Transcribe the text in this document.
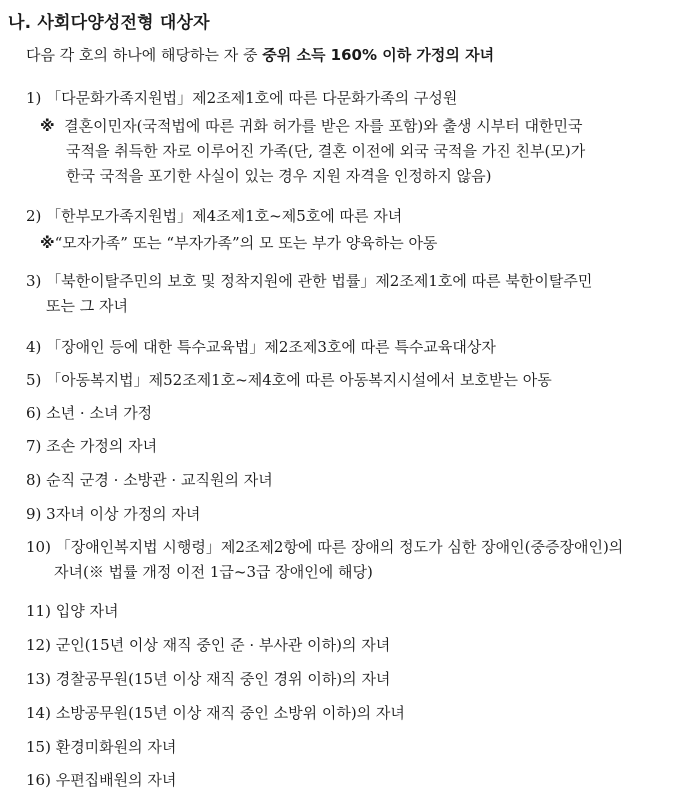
나. 사회다양성전형 대상자
다음 각 호의 하나에 해당하는 자 중 중위 소득 160% 이하 가정의 자녀
1) 「다문화가족지원법」제2조제1호에 따른 다문화가족의 구성원
※ 결혼이민자(국적법에 따른 귀화 허가를 받은 자를 포함)와 출생 시부터 대한민국
국적을 취득한 자로 이루어진 가족(단, 결혼 이전에 외국 국적을 가진 친부(모)가
한국 국적을 포기한 사실이 있는 경우 지원 자격을 인정하지 않음)
2) 「한부모가족지원법」제4조제1호~제5호에 따른 자녀
※“모자가족” 또는 “부자가족”의 모 또는 부가 양육하는 아동
3) 「북한이탈주민의 보호 및 정착지원에 관한 법률」제2조제1호에 따른 북한이탈주민
또는 그 자녀
4) 「장애인 등에 대한 특수교육법」제2조제3호에 따른 특수교육대상자
5) 「아동복지법」제52조제1호~제4호에 따른 아동복지시설에서 보호받는 아동
6) 소년 · 소녀 가정
7) 조손 가정의 자녀
8) 순직 군경 · 소방관 · 교직원의 자녀
9) 3자녀 이상 가정의 자녀
10) 「장애인복지법 시행령」제2조제2항에 따른 장애의 정도가 심한 장애인(중증장애인)의
자녀(※ 법률 개정 이전 1급~3급 장애인에 해당)
11) 입양 자녀
12) 군인(15년 이상 재직 중인 준 · 부사관 이하)의 자녀
13) 경찰공무원(15년 이상 재직 중인 경위 이하)의 자녀
14) 소방공무원(15년 이상 재직 중인 소방위 이하)의 자녀
15) 환경미화원의 자녀
16) 우편집배원의 자녀
